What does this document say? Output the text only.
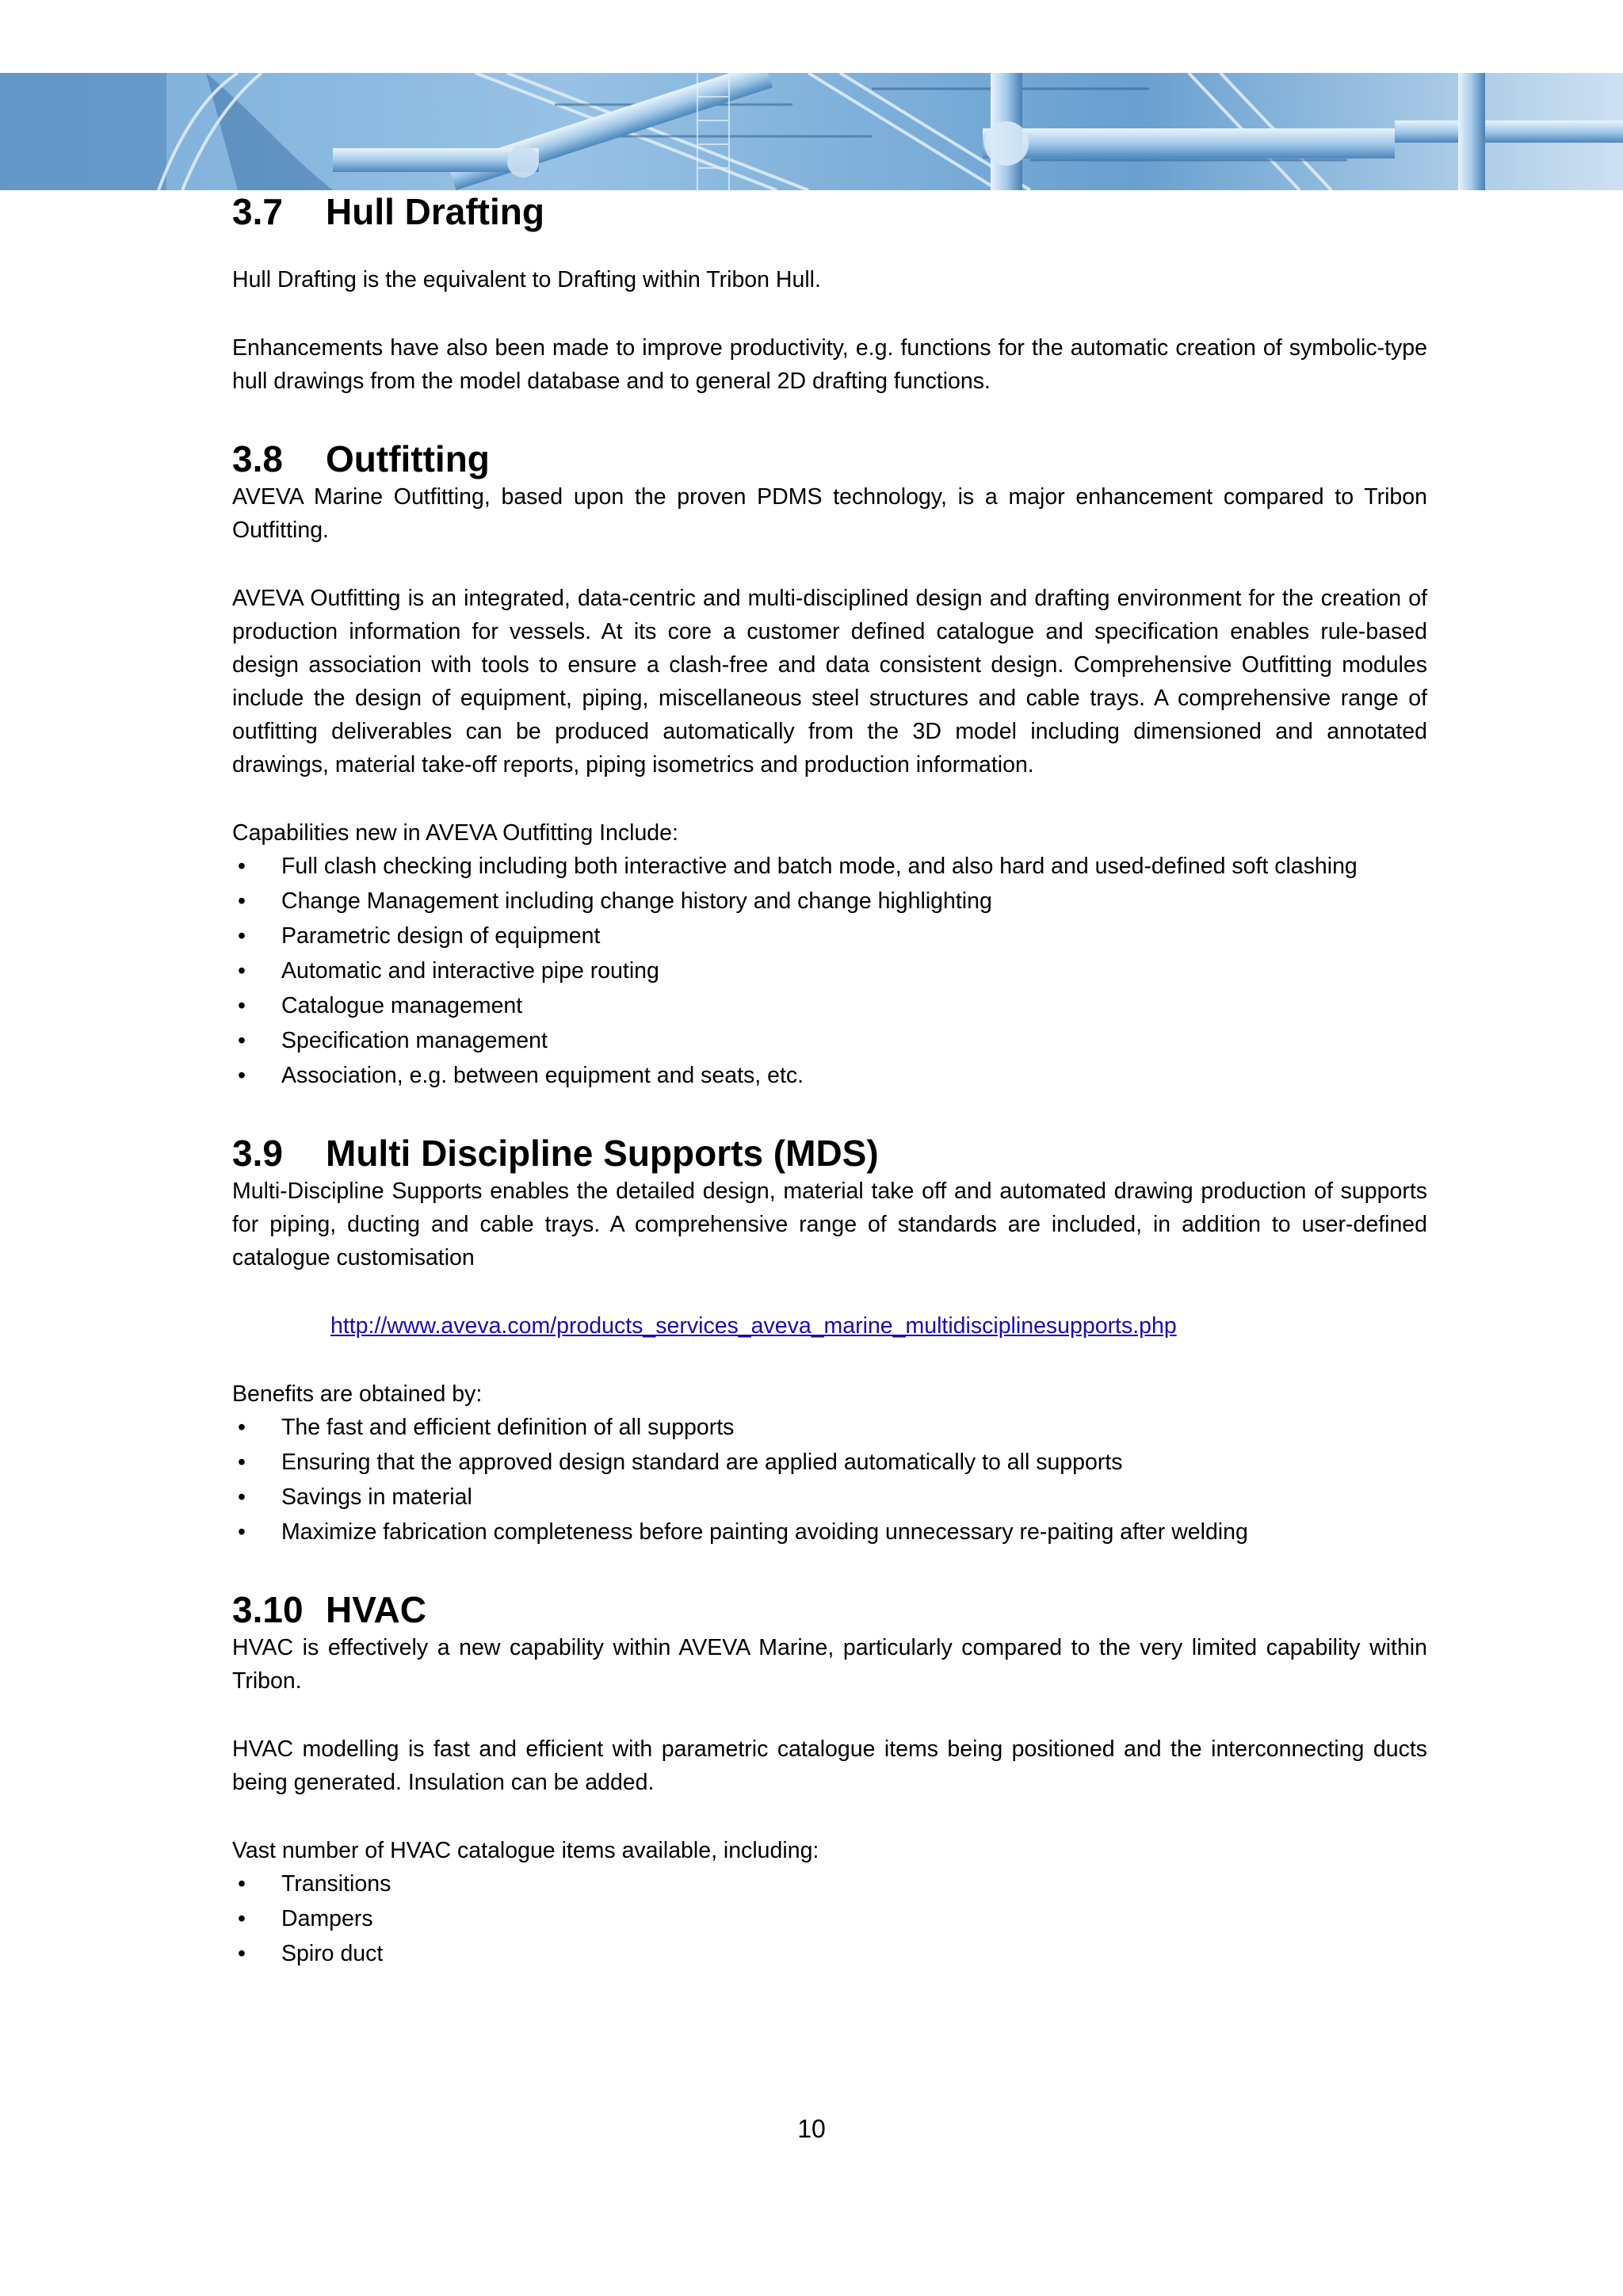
3.7	Hull Drafting

Hull Drafting is the equivalent to Drafting within Tribon Hull.

Enhancements have also been made to improve productivity, e.g. functions for the automatic creation of symbolic-type hull drawings from the model database and to general 2D drafting functions.

3.8	Outfitting

AVEVA Marine Outfitting, based upon the proven PDMS technology, is a major enhancement compared to Tribon Outfitting.

AVEVA Outfitting is an integrated, data-centric and multi-disciplined design and drafting environment for the creation of production information for vessels. At its core a customer defined catalogue and specification enables rule-based design association with tools to ensure a clash-free and data consistent design. Comprehensive Outfitting modules include the design of equipment, piping, miscellaneous steel structures and cable trays. A comprehensive range of outfitting deliverables can be produced automatically from the 3D model including dimensioned and annotated drawings, material take-off reports, piping isometrics and production information.

Capabilities new in AVEVA Outfitting Include:

• Full clash checking including both interactive and batch mode, and also hard and used-defined soft clashing
• Change Management including change history and change highlighting
• Parametric design of equipment
• Automatic and interactive pipe routing
• Catalogue management
• Specification management
• Association, e.g. between equipment and seats, etc.
3.9	Multi Discipline Supports (MDS)

Multi-Discipline Supports enables the detailed design, material take off and automated drawing production of supports for piping, ducting and cable trays. A comprehensive range of standards are included, in addition to user-defined catalogue customisation

http://www.aveva.com/products_services_aveva_marine_multidisciplinesupports.php

Benefits are obtained by:

• The fast and efficient definition of all supports
• Ensuring that the approved design standard are applied automatically to all supports
• Savings in material
• Maximize fabrication completeness before painting avoiding unnecessary re-paiting after welding
3.10 HVAC

HVAC is effectively a new capability within AVEVA Marine, particularly compared to the very limited capability within Tribon.

HVAC modelling is fast and efficient with parametric catalogue items being positioned and the interconnecting ducts being generated. Insulation can be added.

Vast number of HVAC catalogue items available, including:

• Transitions
• Dampers
• Spiro duct
10
